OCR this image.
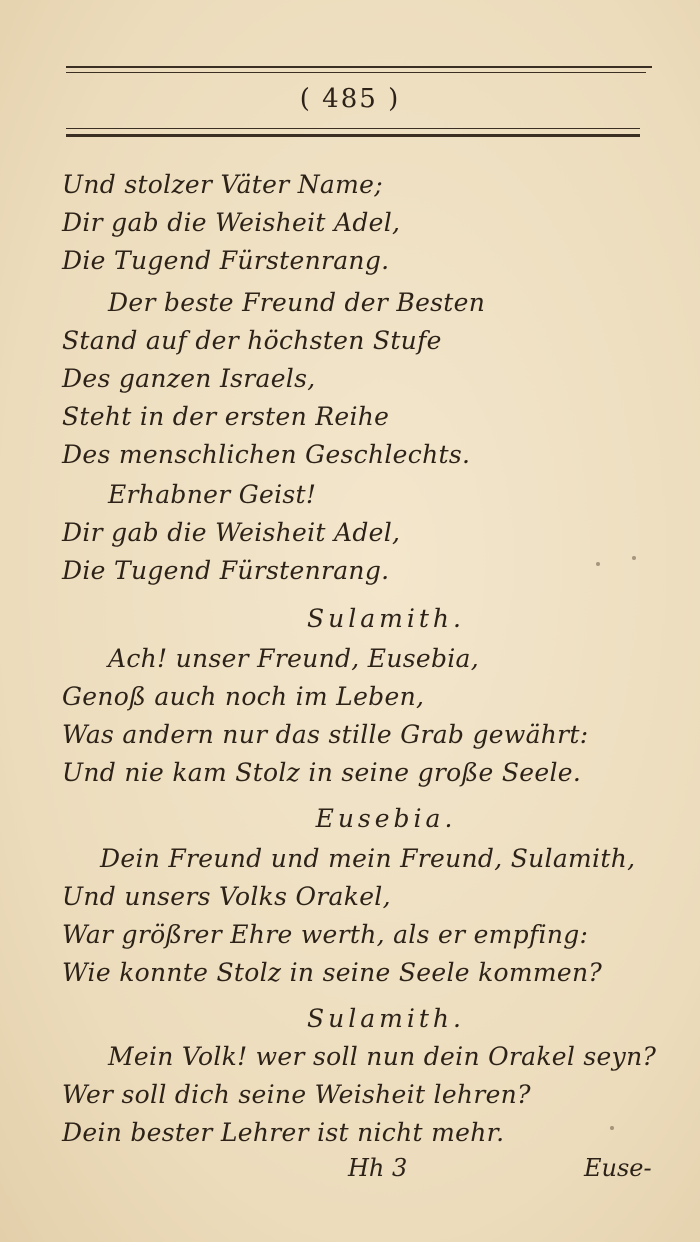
( 485 )
Und stolzer Väter Name;
Dir gab die Weisheit Adel,
Die Tugend Fürstenrang.
Der beste Freund der Besten
Stand auf der höchsten Stufe
Des ganzen Israels,
Steht in der ersten Reihe
Des menschlichen Geschlechts.
Erhabner Geist!
Dir gab die Weisheit Adel,
Die Tugend Fürstenrang.
Sulamith.
Ach! unser Freund, Eusebia,
Genoß auch noch im Leben,
Was andern nur das stille Grab gewährt:
Und nie kam Stolz in seine große Seele.
Eusebia.
Dein Freund und mein Freund, Sulamith,
Und unsers Volks Orakel,
War größrer Ehre werth, als er empfing:
Wie konnte Stolz in seine Seele kommen?
Sulamith.
Mein Volk! wer soll nun dein Orakel seyn?
Wer soll dich seine Weisheit lehren?
Dein bester Lehrer ist nicht mehr.
Hh 3	Euse-
